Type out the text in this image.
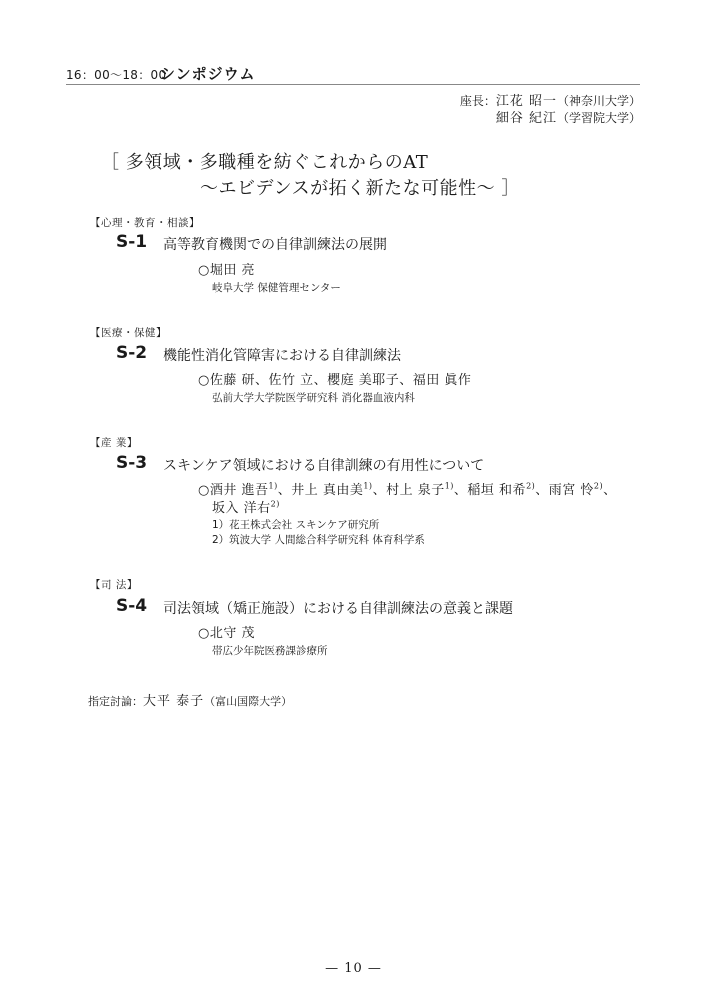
16：00～18：00
シンポジウム
座長：江花 昭一（神奈川大学）
細谷 紀江（学習院大学）
［ 多領域・多職種を紡ぐこれからのAT
～エビデンスが拓く新たな可能性～ ］
【心理・教育・相談】
S-1 高等教育機関での自律訓練法の展開
○堀田 亮
岐阜大学 保健管理センター
【医療・保健】
S-2 機能性消化管障害における自律訓練法
○佐藤 研、佐竹 立、櫻庭 美耶子、福田 眞作
弘前大学大学院医学研究科 消化器血液内科
【産 業】
S-3 スキンケア領域における自律訓練の有用性について
○酒井 進吾$^{1)}$、井上 真由美$^{1)}$、村上 泉子$^{1)}$、稲垣 和希$^{2)}$、雨宮 怜$^{2)}$、
坂入 洋右$^{2)}$
1）花王株式会社 スキンケア研究所
2）筑波大学 人間総合科学研究科 体育科学系
【司 法】
S-4 司法領域（矯正施設）における自律訓練法の意義と課題
○北守 茂
帯広少年院医務課診療所
指定討論：大平 泰子（富山国際大学）
— 10 —
